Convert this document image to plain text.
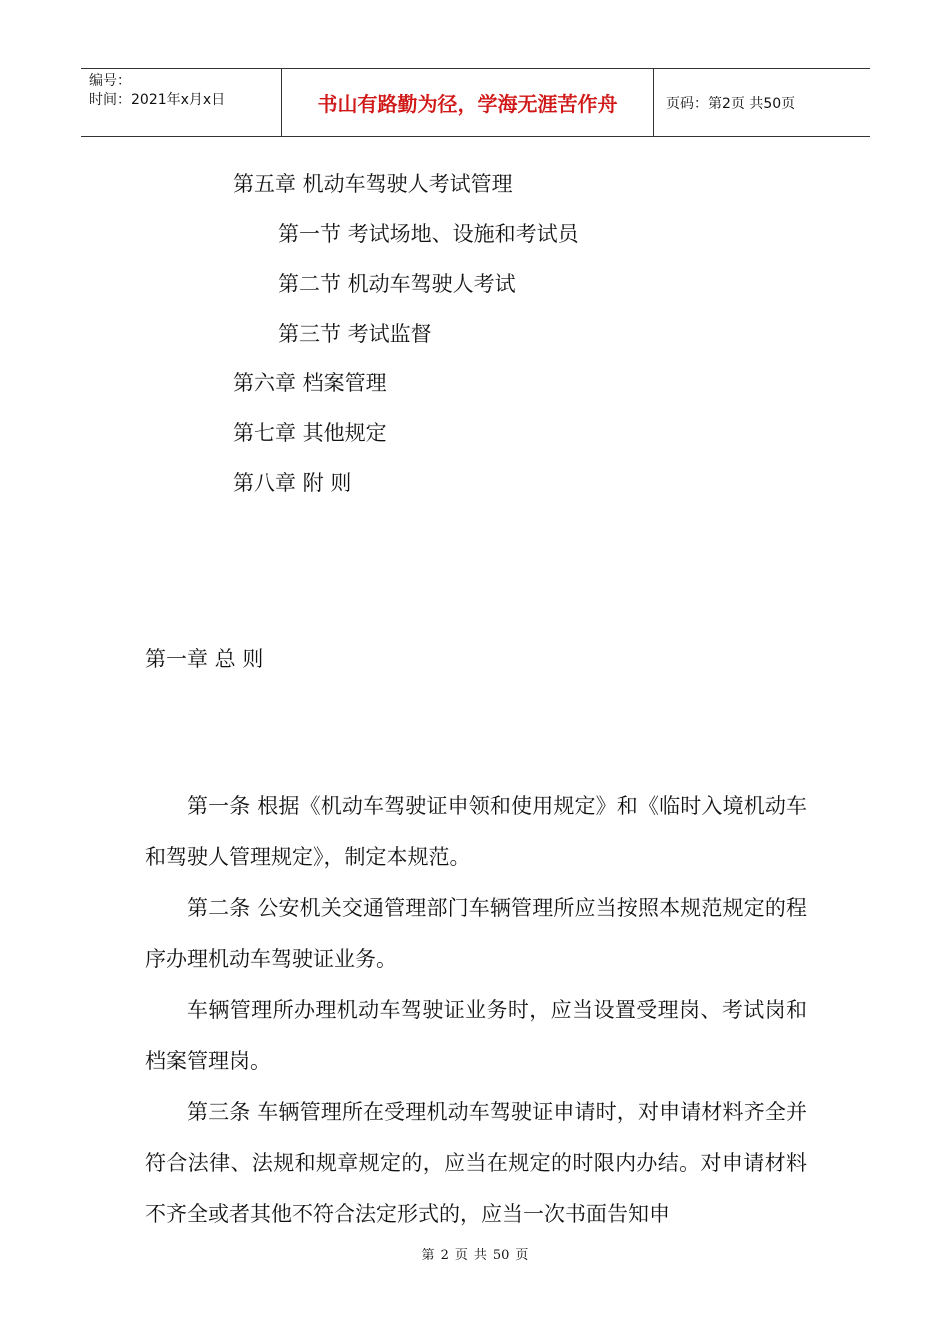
编号：
时间：2021年x月x日	书山有路勤为径，学海无涯苦作舟	页码：第2页 共50页
第五章 机动车驾驶人考试管理
第一节 考试场地、设施和考试员
第二节 机动车驾驶人考试
第三节 考试监督
第六章 档案管理
第七章 其他规定
第八章 附 则
第一章 总 则

第一条 根据《机动车驾驶证申领和使用规定》和《临时入境机动车和驾驶人管理规定》，制定本规范。

第二条 公安机关交通管理部门车辆管理所应当按照本规范规定的程序办理机动车驾驶证业务。

车辆管理所办理机动车驾驶证业务时，应当设置受理岗、考试岗和档案管理岗。

第三条 车辆管理所在受理机动车驾驶证申请时，对申请材料齐全并符合法律、法规和规章规定的，应当在规定的时限内办结。对申请材料不齐全或者其他不符合法定形式的，应当一次书面告知申

第 2 页 共 50 页
